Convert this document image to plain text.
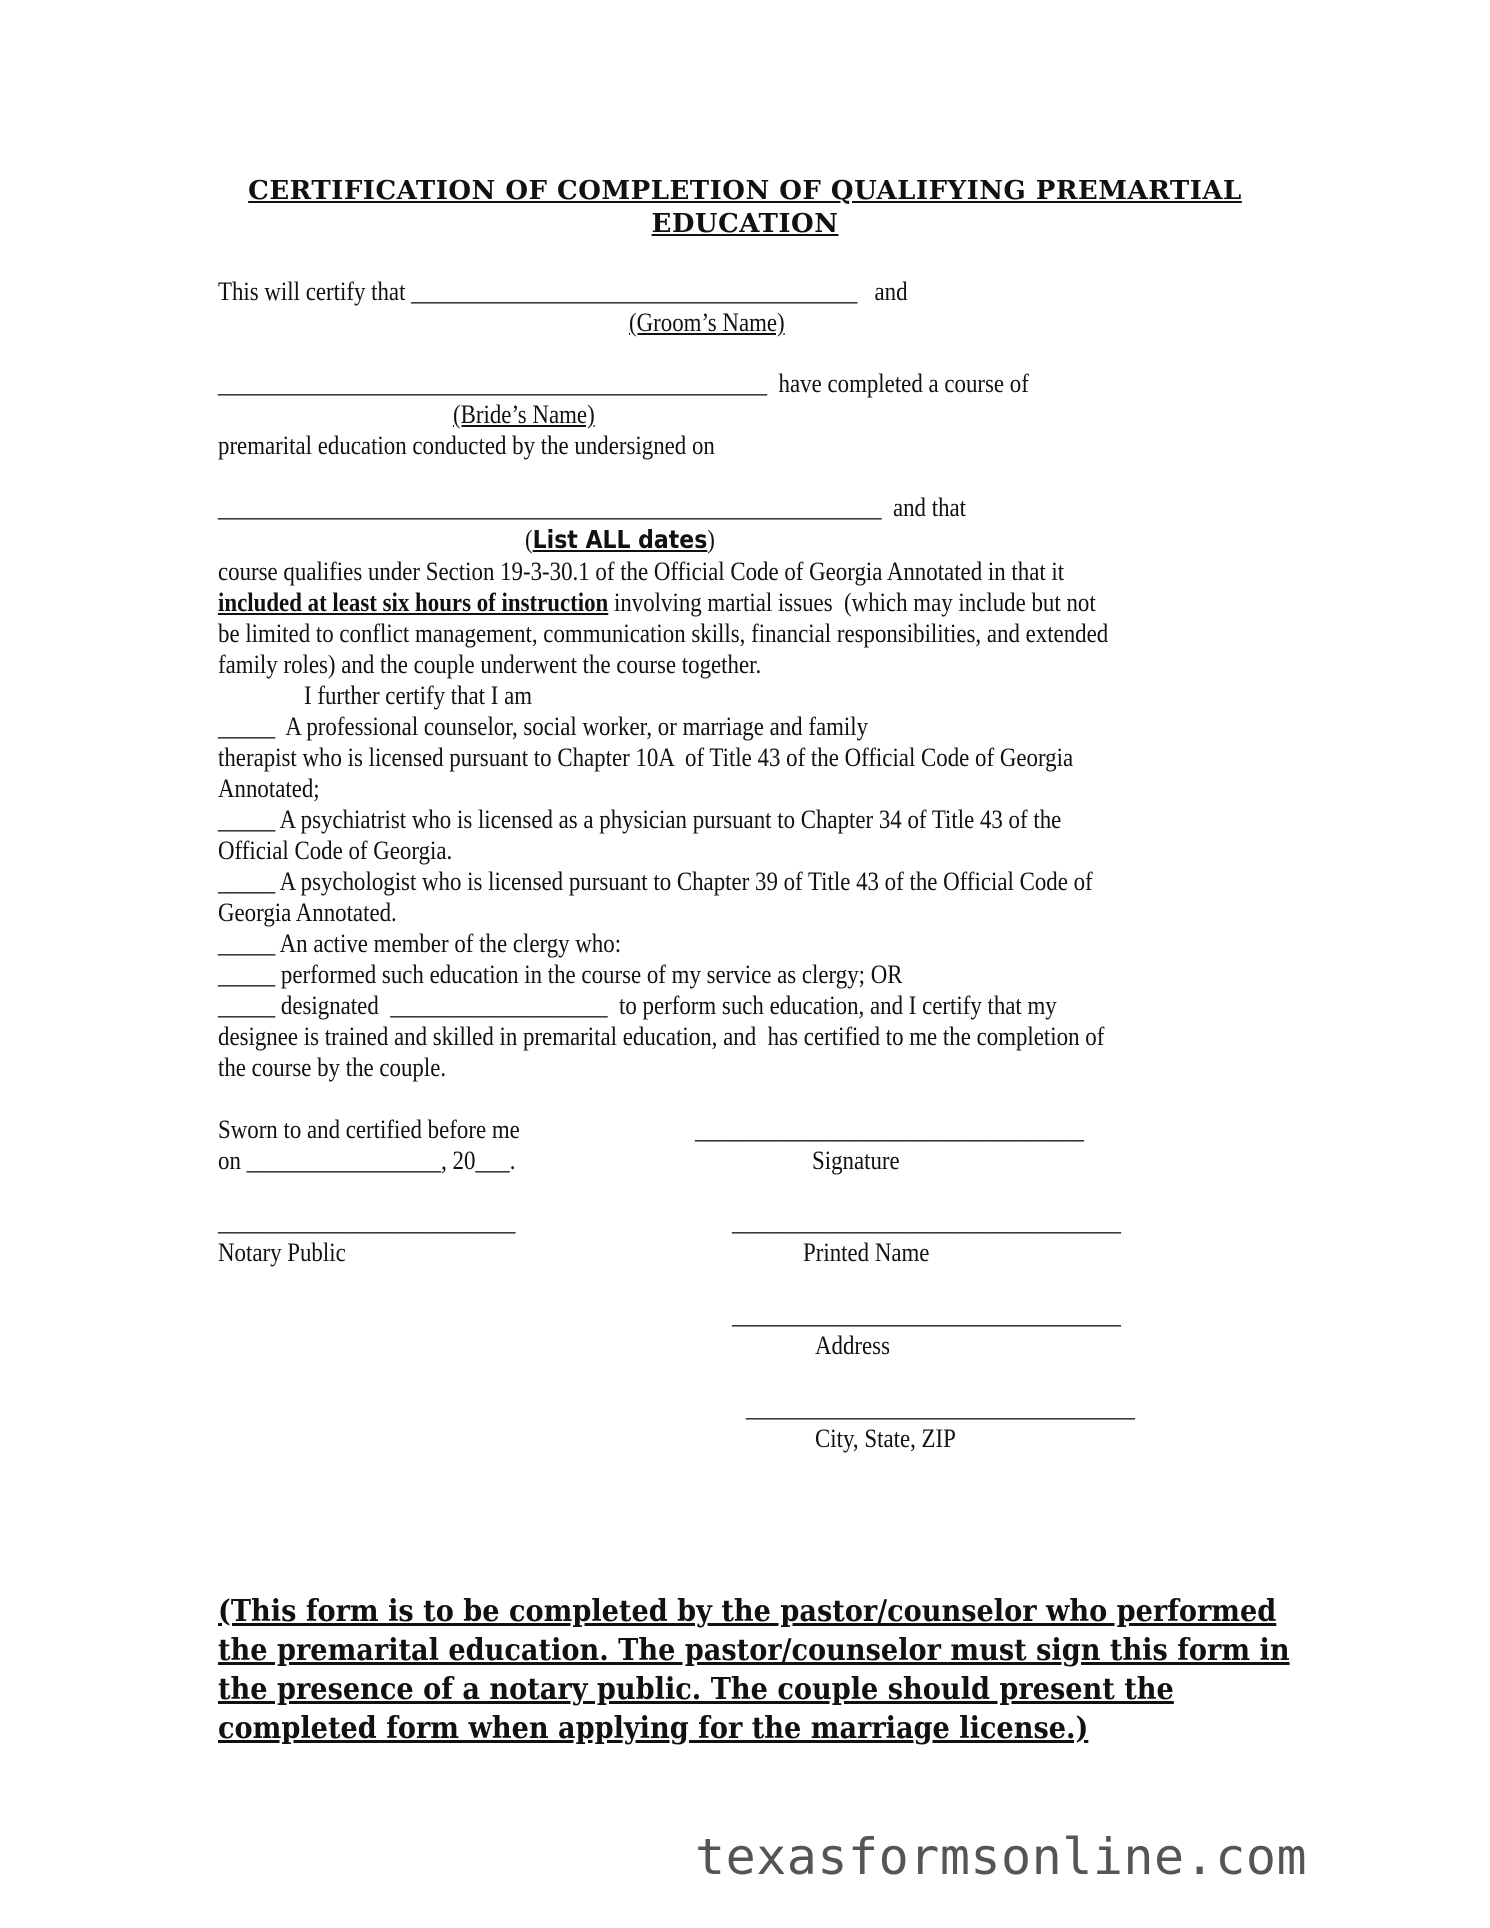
CERTIFICATION OF COMPLETION OF QUALIFYING PREMARTIAL
EDUCATION
This will certify that _______________________________________   and
(Groom’s Name)
________________________________________________  have completed a course of
(Bride’s Name)
premarital education conducted by the undersigned on
__________________________________________________________  and that
(List ALL dates)
course qualifies under Section 19-3-30.1 of the Official Code of Georgia Annotated in that it
included at least six hours of instruction involving martial issues  (which may include but not
be limited to conflict management, communication skills, financial responsibilities, and extended
family roles) and the couple underwent the course together.
I further certify that I am
_____  A professional counselor, social worker, or marriage and family
therapist who is licensed pursuant to Chapter 10A  of Title 43 of the Official Code of Georgia
Annotated;
_____ A psychiatrist who is licensed as a physician pursuant to Chapter 34 of Title 43 of the
Official Code of Georgia.
_____ A psychologist who is licensed pursuant to Chapter 39 of Title 43 of the Official Code of
Georgia Annotated.
_____ An active member of the clergy who:
_____ performed such education in the course of my service as clergy; OR
_____ designated  ___________________  to perform such education, and I certify that my
designee is trained and skilled in premarital education, and  has certified to me the completion of
the course by the couple.
Sworn to and certified before me
on _________________, 20___.
__________________________________
Signature
__________________________
Notary Public
__________________________________
Printed Name
__________________________________
Address
__________________________________
City, State, ZIP
(This form is to be completed by the pastor/counselor who performed
the premarital education. The pastor/counselor must sign this form in
the presence of a notary public. The couple should present the
completed form when applying for the marriage license.)
texasformsonline.com
